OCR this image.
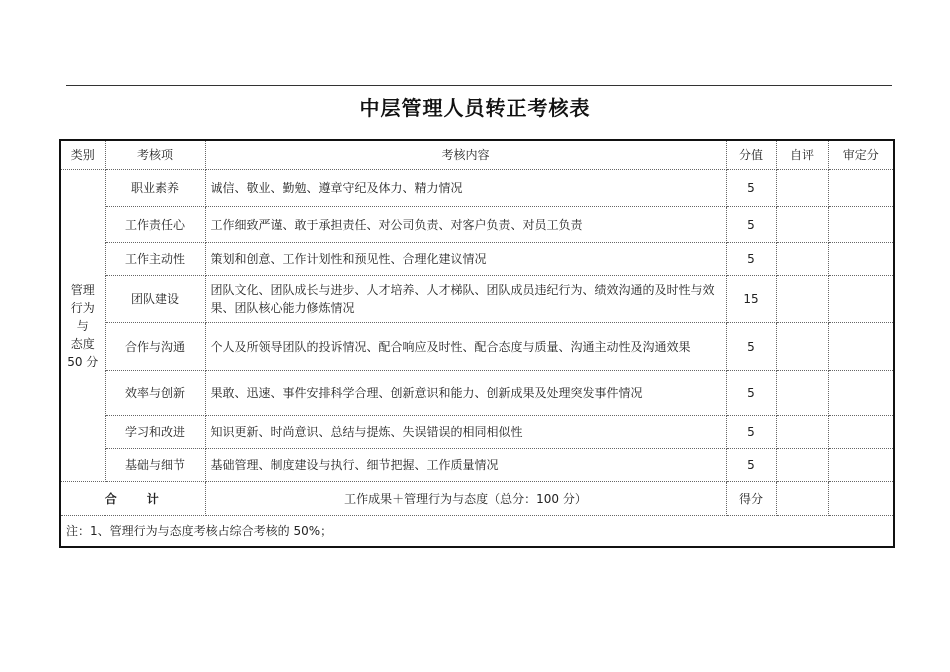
中层管理人员转正考核表
类别	考核项	考核内容	分值	自评	审定分

管理
行为
与
态度
50 分	职业素养	诚信、敬业、勤勉、遵章守纪及体力、精力情况	5		
	工作责任心	工作细致严谨、敢于承担责任、对公司负责、对客户负责、对员工负责	5		
	工作主动性	策划和创意、工作计划性和预见性、合理化建议情况	5		
	团队建设	团队文化、团队成长与进步、人才培养、人才梯队、团队成员违纪行为、绩效沟通的及时性与效果、团队核心能力修炼情况	15		
	合作与沟通	个人及所领导团队的投诉情况、配合响应及时性、配合态度与质量、沟通主动性及沟通效果	5		
	效率与创新	果敢、迅速、事件安排科学合理、创新意识和能力、创新成果及处理突发事件情况	5		
	学习和改进	知识更新、时尚意识、总结与提炼、失误错误的相同相似性	5		
	基础与细节	基础管理、制度建设与执行、细节把握、工作质量情况	5		
合　　计		工作成果＋管理行为与态度（总分：100 分）	得分		
注：1、管理行为与态度考核占综合考核的 50%；					
